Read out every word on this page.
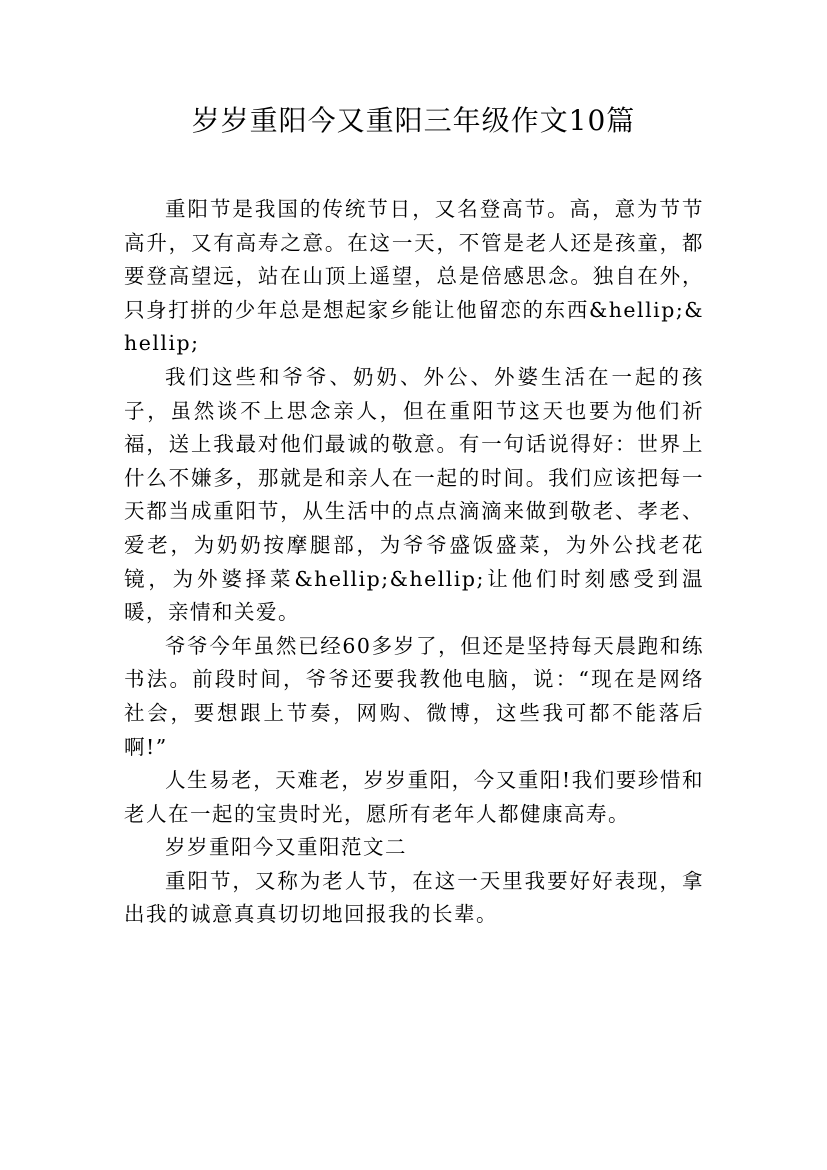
岁岁重阳今又重阳三年级作文10篇

重阳节是我国的传统节日，又名登高节。高，意为节节高升，又有高寿之意。在这一天，不管是老人还是孩童，都要登高望远，站在山顶上遥望，总是倍感思念。独自在外，只身打拼的少年总是想起家乡能让他留恋的东西&hellip;&hellip;

我们这些和爷爷、奶奶、外公、外婆生活在一起的孩子，虽然谈不上思念亲人，但在重阳节这天也要为他们祈福，送上我最对他们最诚的敬意。有一句话说得好：世界上什么不嫌多，那就是和亲人在一起的时间。我们应该把每一天都当成重阳节，从生活中的点点滴滴来做到敬老、孝老、爱老，为奶奶按摩腿部，为爷爷盛饭盛菜，为外公找老花镜，为外婆择菜&hellip;&hellip;让他们时刻感受到温暖，亲情和关爱。

爷爷今年虽然已经60多岁了，但还是坚持每天晨跑和练书法。前段时间，爷爷还要我教他电脑，说：“现在是网络社会，要想跟上节奏，网购、微博，这些我可都不能落后啊!”

人生易老，天难老，岁岁重阳，今又重阳!我们要珍惜和老人在一起的宝贵时光，愿所有老年人都健康高寿。

岁岁重阳今又重阳范文二

重阳节，又称为老人节，在这一天里我要好好表现，拿出我的诚意真真切切地回报我的长辈。
